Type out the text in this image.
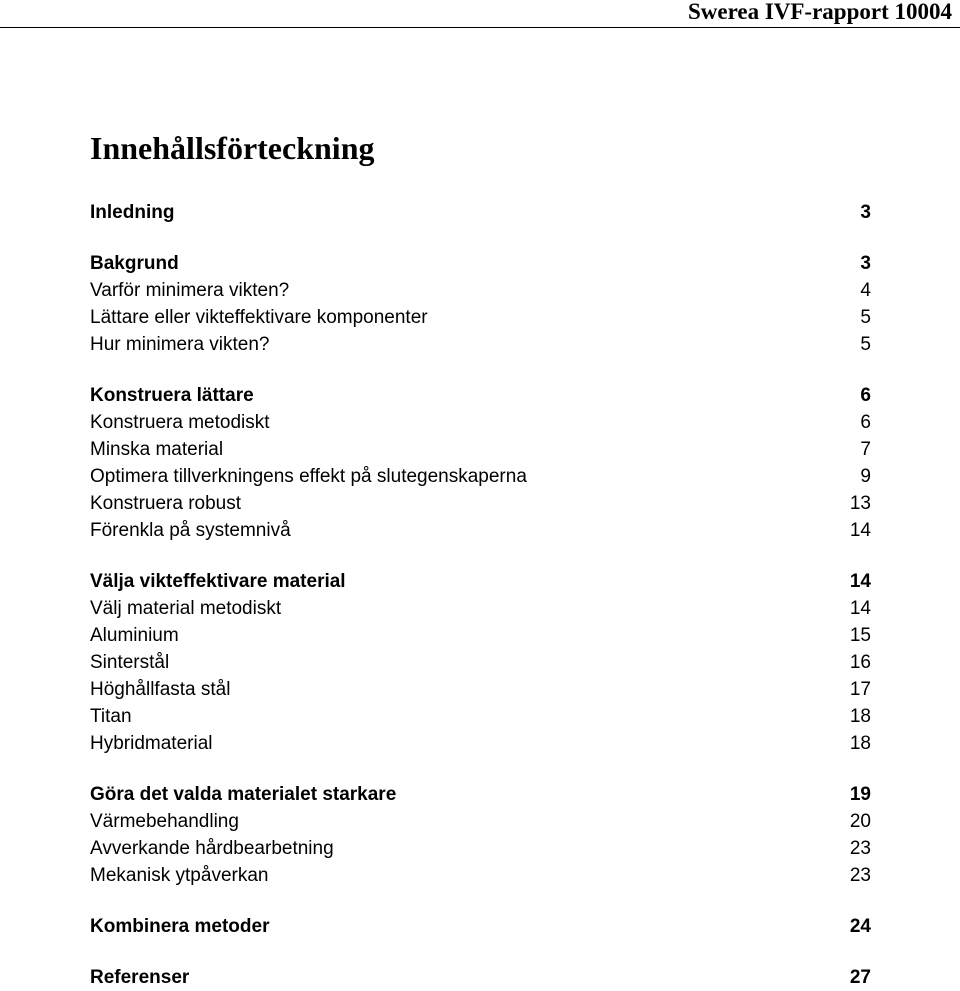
Swerea IVF-rapport 10004
Innehållsförteckning
Inledning	3
Bakgrund	3
Varför minimera vikten?	4
Lättare eller vikteffektivare komponenter	5
Hur minimera vikten?	5
Konstruera lättare	6
Konstruera metodiskt	6
Minska material	7
Optimera tillverkningens effekt på slutegenskaperna	9
Konstruera robust	13
Förenkla på systemnivå	14
Välja vikteffektivare material	14
Välj material metodiskt	14
Aluminium	15
Sinterstål	16
Höghållfasta stål	17
Titan	18
Hybridmaterial	18
Göra det valda materialet starkare	19
Värmebehandling	20
Avverkande hårdbearbetning	23
Mekanisk ytpåverkan	23
Kombinera metoder	24
Referenser	27
